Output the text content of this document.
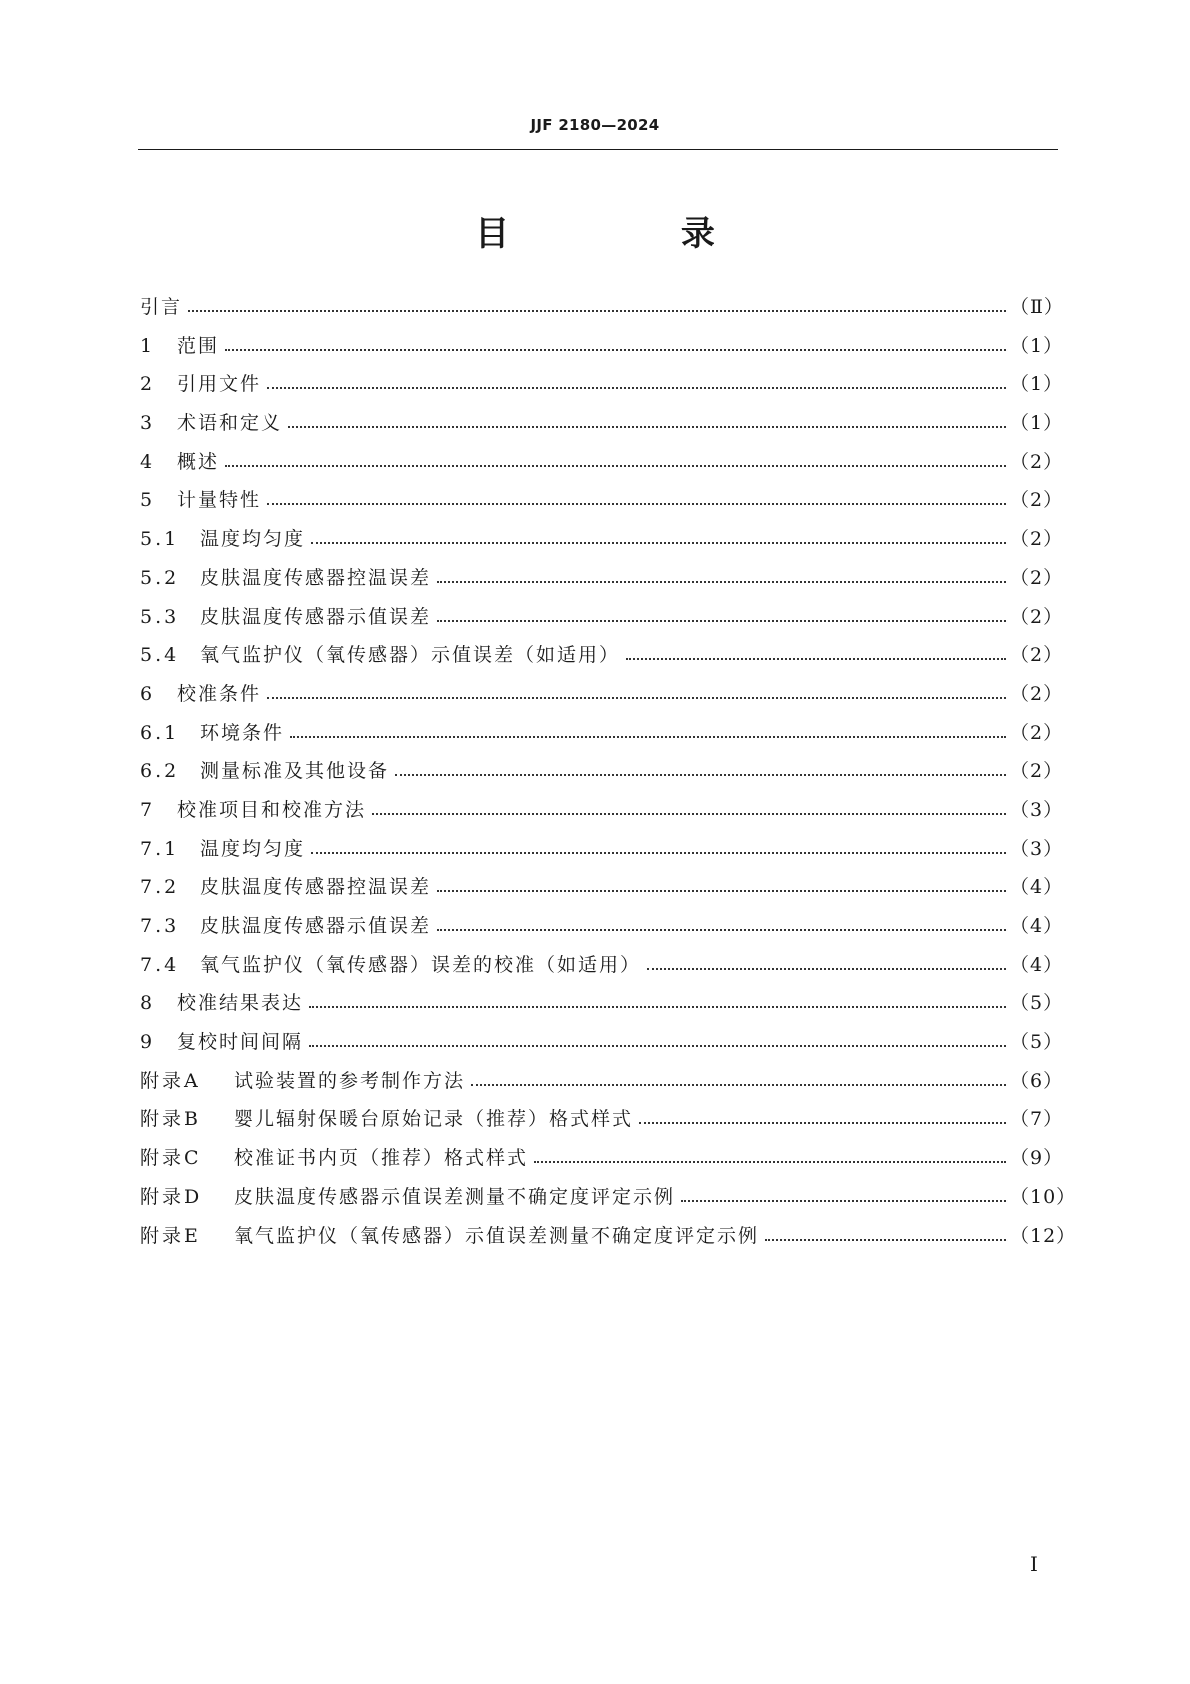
JJF 2180—2024
目 录
引言	（Ⅱ）
1	范围	（1）
2	引用文件	（1）
3	术语和定义	（1）
4	概述	（2）
5	计量特性	（2）
5.1	温度均匀度	（2）
5.2	皮肤温度传感器控温误差	（2）
5.3	皮肤温度传感器示值误差	（2）
5.4	氧气监护仪（氧传感器）示值误差（如适用）	（2）
6	校准条件	（2）
6.1	环境条件	（2）
6.2	测量标准及其他设备	（2）
7	校准项目和校准方法	（3）
7.1	温度均匀度	（3）
7.2	皮肤温度传感器控温误差	（4）
7.3	皮肤温度传感器示值误差	（4）
7.4	氧气监护仪（氧传感器）误差的校准（如适用）	（4）
8	校准结果表达	（5）
9	复校时间间隔	（5）
附录A	试验装置的参考制作方法	（6）
附录B	婴儿辐射保暖台原始记录（推荐）格式样式	（7）
附录C	校准证书内页（推荐）格式样式	（9）
附录D	皮肤温度传感器示值误差测量不确定度评定示例	（10）
附录E	氧气监护仪（氧传感器）示值误差测量不确定度评定示例	（12）
I
